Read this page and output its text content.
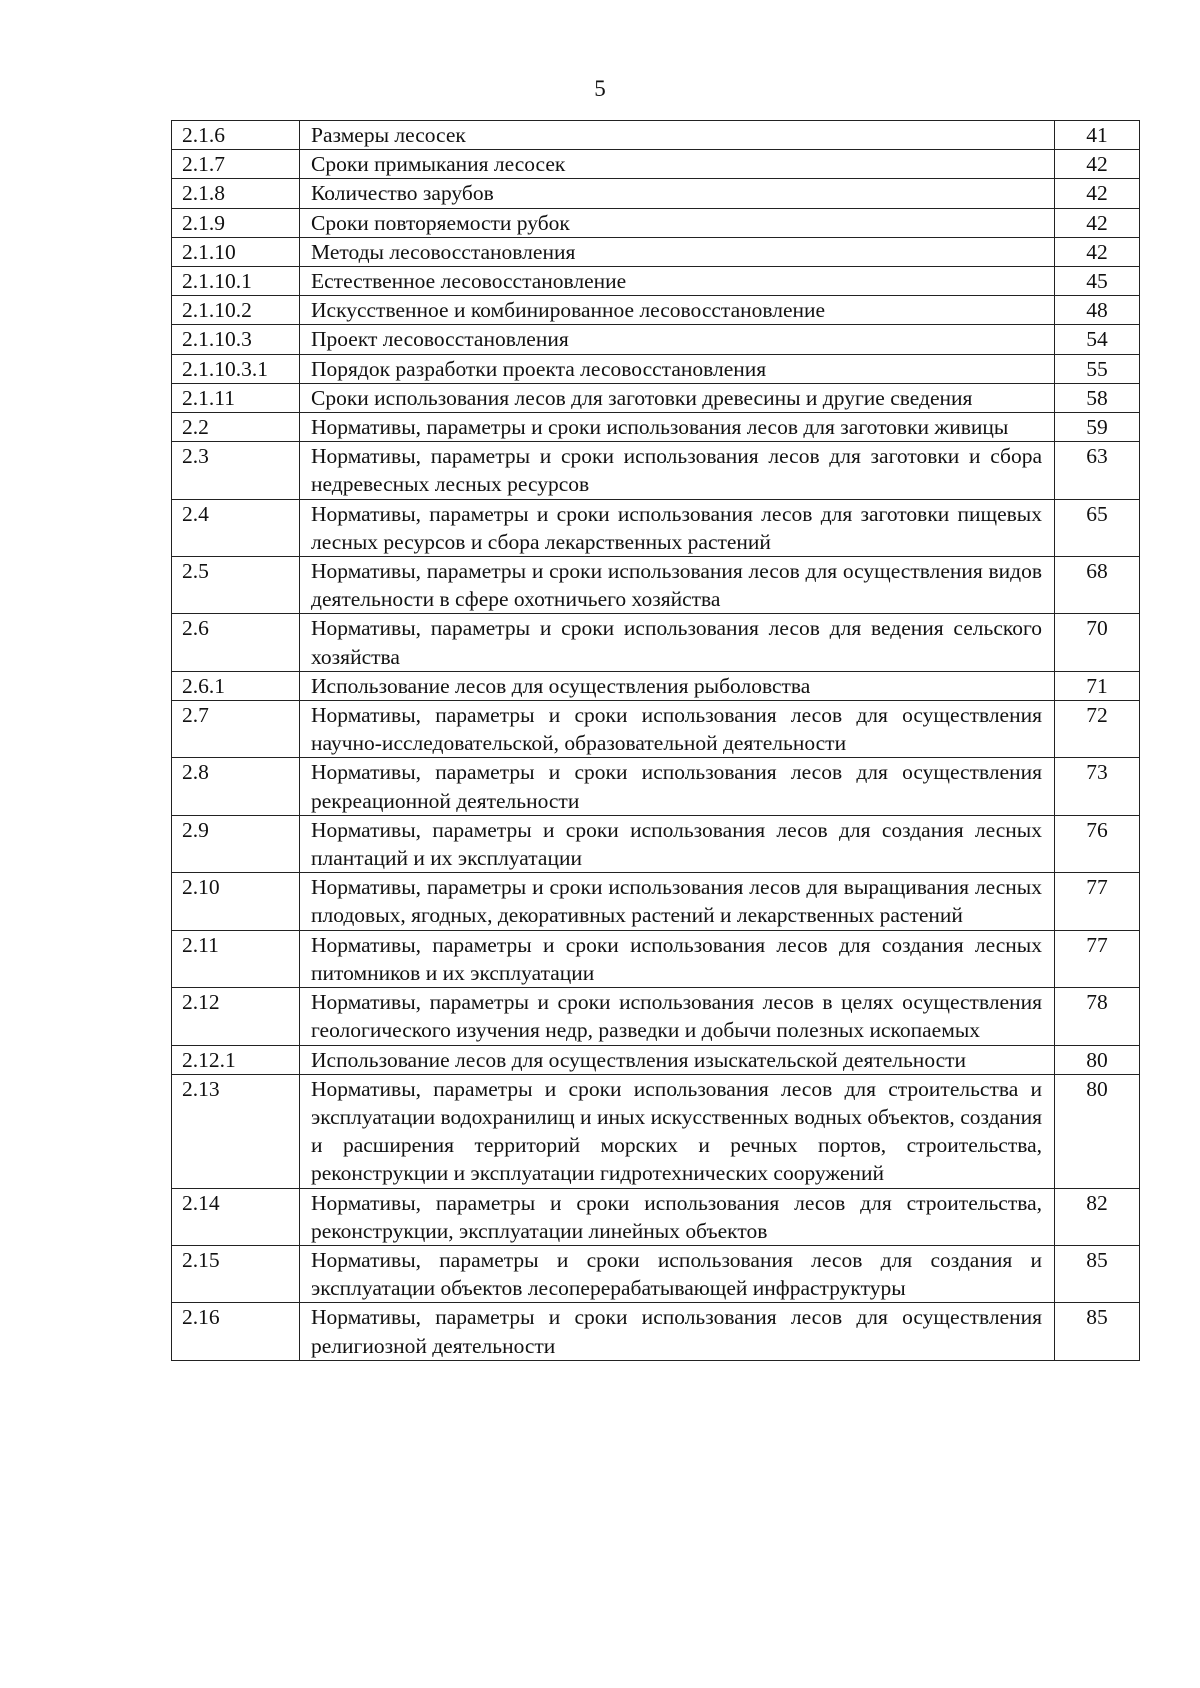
5
2.1.6	Размеры лесосек	41
2.1.7	Сроки примыкания лесосек	42
2.1.8	Количество зарубов	42
2.1.9	Сроки повторяемости рубок	42
2.1.10	Методы лесовосстановления	42
2.1.10.1	Естественное лесовосстановление	45
2.1.10.2	Искусственное и комбинированное лесовосстановление	48
2.1.10.3	Проект лесовосстановления	54
2.1.10.3.1	Порядок разработки проекта лесовосстановления	55
2.1.11	Сроки использования лесов для заготовки древесины и другие сведения	58
2.2	Нормативы, параметры и сроки использования лесов для заготовки живицы	59
2.3	Нормативы, параметры и сроки использования лесов для заготовки и сбора недревесных лесных ресурсов	63
2.4	Нормативы, параметры и сроки использования лесов для заготовки пищевых лесных ресурсов и сбора лекарственных растений	65
2.5	Нормативы, параметры и сроки использования лесов для осуществления видов деятельности в сфере охотничьего хозяйства	68
2.6	Нормативы, параметры и сроки использования лесов для ведения сельского хозяйства	70
2.6.1	Использование лесов для осуществления рыболовства	71
2.7	Нормативы, параметры и сроки использования лесов для осуществления научно-исследовательской, образовательной деятельности	72
2.8	Нормативы, параметры и сроки использования лесов для осуществления рекреационной деятельности	73
2.9	Нормативы, параметры и сроки использования лесов для создания лесных плантаций и их эксплуатации	76
2.10	Нормативы, параметры и сроки использования лесов для выращивания лесных плодовых, ягодных, декоративных растений и лекарственных растений	77
2.11	Нормативы, параметры и сроки использования лесов для создания лесных питомников и их эксплуатации	77
2.12	Нормативы, параметры и сроки использования лесов в целях осуществления геологического изучения недр, разведки и добычи полезных ископаемых	78
2.12.1	Использование лесов для осуществления изыскательской деятельности	80
2.13	Нормативы, параметры и сроки использования лесов для строительства и эксплуатации водохранилищ и иных искусственных водных объектов, создания и расширения территорий морских и речных портов, строительства, реконструкции и эксплуатации гидротехнических сооружений	80
2.14	Нормативы, параметры и сроки использования лесов для строительства, реконструкции, эксплуатации линейных объектов	82
2.15	Нормативы, параметры и сроки использования лесов для создания и эксплуатации объектов лесоперерабатывающей инфраструктуры	85
2.16	Нормативы, параметры и сроки использования лесов для осуществления религиозной деятельности	85
